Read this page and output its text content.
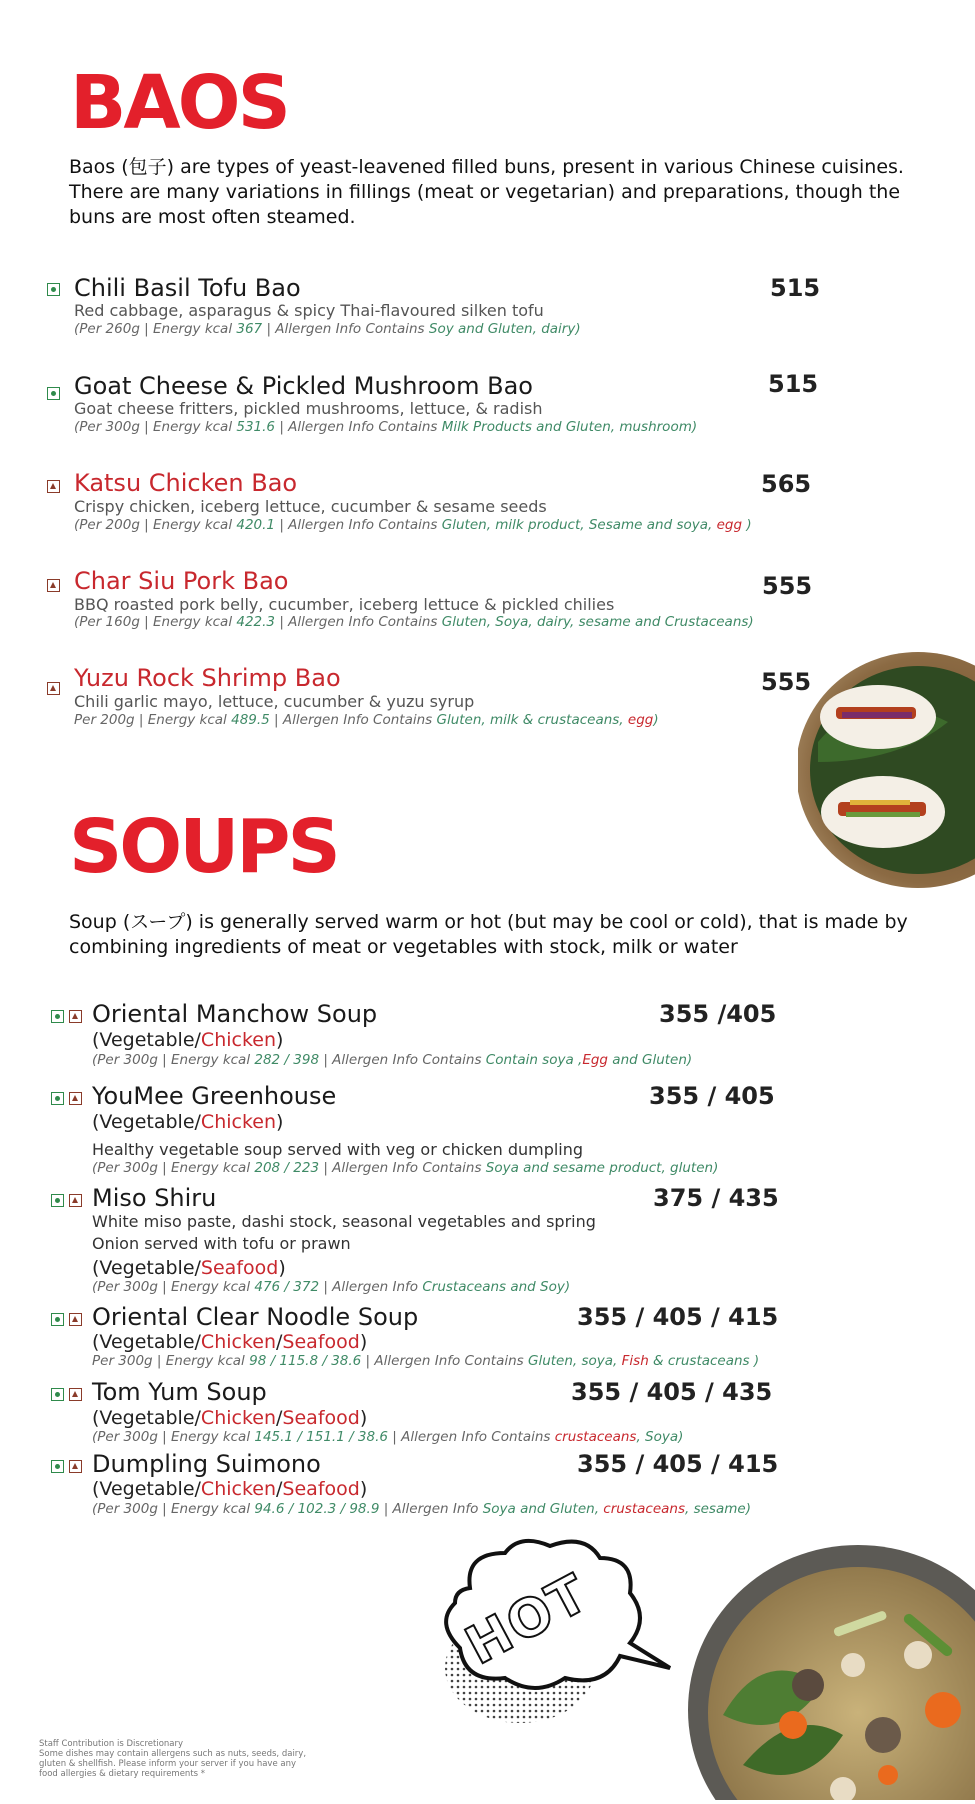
BAOS
Baos (包子) are types of yeast-leavened filled buns, present in various Chinese cuisines. There are many variations in fillings (meat or vegetarian) and preparations, though the buns are most often steamed.
Chili Basil Tofu Bao	515
Red cabbage, asparagus & spicy Thai-flavoured silken tofu
(Per 260g | Energy kcal 367 | Allergen Info Contains Soy and Gluten, dairy)
Goat Cheese & Pickled Mushroom Bao	515
Goat cheese fritters, pickled mushrooms, lettuce, & radish
(Per 300g | Energy kcal 531.6 | Allergen Info Contains Milk Products and Gluten, mushroom)
Katsu Chicken Bao	565
Crispy chicken, iceberg lettuce, cucumber & sesame seeds
(Per 200g | Energy kcal 420.1 | Allergen Info Contains Gluten, milk product, Sesame and soya, egg )
Char Siu Pork Bao	555
BBQ roasted pork belly, cucumber, iceberg lettuce & pickled chilies
(Per 160g | Energy kcal 422.3 | Allergen Info Contains Gluten, Soya, dairy, sesame and Crustaceans)
Yuzu Rock Shrimp Bao	555
Chili garlic mayo, lettuce, cucumber & yuzu syrup
Per 200g | Energy kcal 489.5 | Allergen Info Contains Gluten, milk & crustaceans, egg)
SOUPS
Soup (スープ) is generally served warm or hot (but may be cool or cold), that is made by combining ingredients of meat or vegetables with stock, milk or water

Oriental Manchow Soup	355 /405
(Vegetable/Chicken)
(Per 300g | Energy kcal 282 / 398 | Allergen Info Contains Contain soya ,Egg and Gluten)

YouMee Greenhouse	355 / 405
(Vegetable/Chicken)
Healthy vegetable soup served with veg or chicken dumpling
(Per 300g | Energy kcal 208 / 223 | Allergen Info Contains Soya and sesame product, gluten)

Miso Shiru	375 / 435
White miso paste, dashi stock, seasonal vegetables and spring
Onion served with tofu or prawn
(Vegetable/Seafood)
(Per 300g | Energy kcal 476 / 372 | Allergen Info Crustaceans and Soy)

Oriental Clear Noodle Soup	355 / 405 / 415
(Vegetable/Chicken/Seafood)
Per 300g | Energy kcal 98 / 115.8 / 38.6 | Allergen Info Contains Gluten, soya, Fish & crustaceans )

Tom Yum Soup	355 / 405 / 435
(Vegetable/Chicken/Seafood)
(Per 300g | Energy kcal 145.1 / 151.1 / 38.6 | Allergen Info Contains crustaceans, Soya)

Dumpling Suimono	355 / 405 / 415
(Vegetable/Chicken/Seafood)
(Per 300g | Energy kcal 94.6 / 102.3 / 98.9 | Allergen Info Soya and Gluten, crustaceans, sesame)
HOT
Staff Contribution is Discretionary
Some dishes may contain allergens such as nuts, seeds, dairy,
gluten & shellfish. Please inform your server if you have any
food allergies & dietary requirements *
